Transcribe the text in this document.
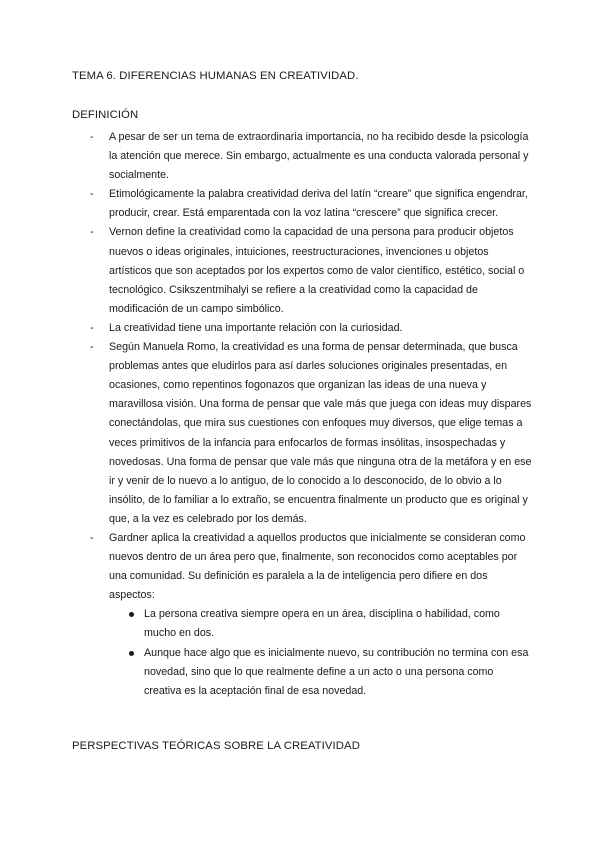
TEMA 6. DIFERENCIAS HUMANAS EN CREATIVIDAD.
DEFINICIÓN
- A pesar de ser un tema de extraordinaria importancia, no ha recibido desde la psicología la atención que merece. Sin embargo, actualmente es una conducta valorada personal y socialmente.
- Etimológicamente la palabra creatividad deriva del latín “creare” que significa engendrar, producir, crear. Está emparentada con la voz latina “crescere” que significa crecer.
- Vernon define la creatividad como la capacidad de una persona para producir objetos nuevos o ideas originales, intuiciones, reestructuraciones, invenciones u objetos artísticos que son aceptados por los expertos como de valor científico, estético, social o tecnológico. Csikszentmihalyi se refiere a la creatividad como la capacidad de modificación de un campo simbólico.
- La creatividad tiene una importante relación con la curiosidad.
- Según Manuela Romo, la creatividad es una forma de pensar determinada, que busca problemas antes que eludirlos para así darles soluciones originales presentadas, en ocasiones, como repentinos fogonazos que organizan las ideas de una nueva y maravillosa visión. Una forma de pensar que vale más que juega con ideas muy dispares conectándolas, que mira sus cuestiones con enfoques muy diversos, que elige temas a veces primitivos de la infancia para enfocarlos de formas insólitas, insospechadas y novedosas. Una forma de pensar que vale más que ninguna otra de la metáfora y en ese ir y venir de lo nuevo a lo antiguo, de lo conocido a lo desconocido, de lo obvio a lo insólito, de lo familiar a lo extraño, se encuentra finalmente un producto que es original y que, a la vez es celebrado por los demás.
- Gardner aplica la creatividad a aquellos productos que inicialmente se consideran como nuevos dentro de un área pero que, finalmente, son reconocidos como aceptables por una comunidad. Su definición es paralela a la de inteligencia pero difiere en dos aspectos:
La persona creativa siempre opera en un área, disciplina o habilidad, como mucho en dos.
Aunque hace algo que es inicialmente nuevo, su contribución no termina con esa novedad, sino que lo que realmente define a un acto o una persona como creativa es la aceptación final de esa novedad.
PERSPECTIVAS TEÓRICAS SOBRE LA CREATIVIDAD
